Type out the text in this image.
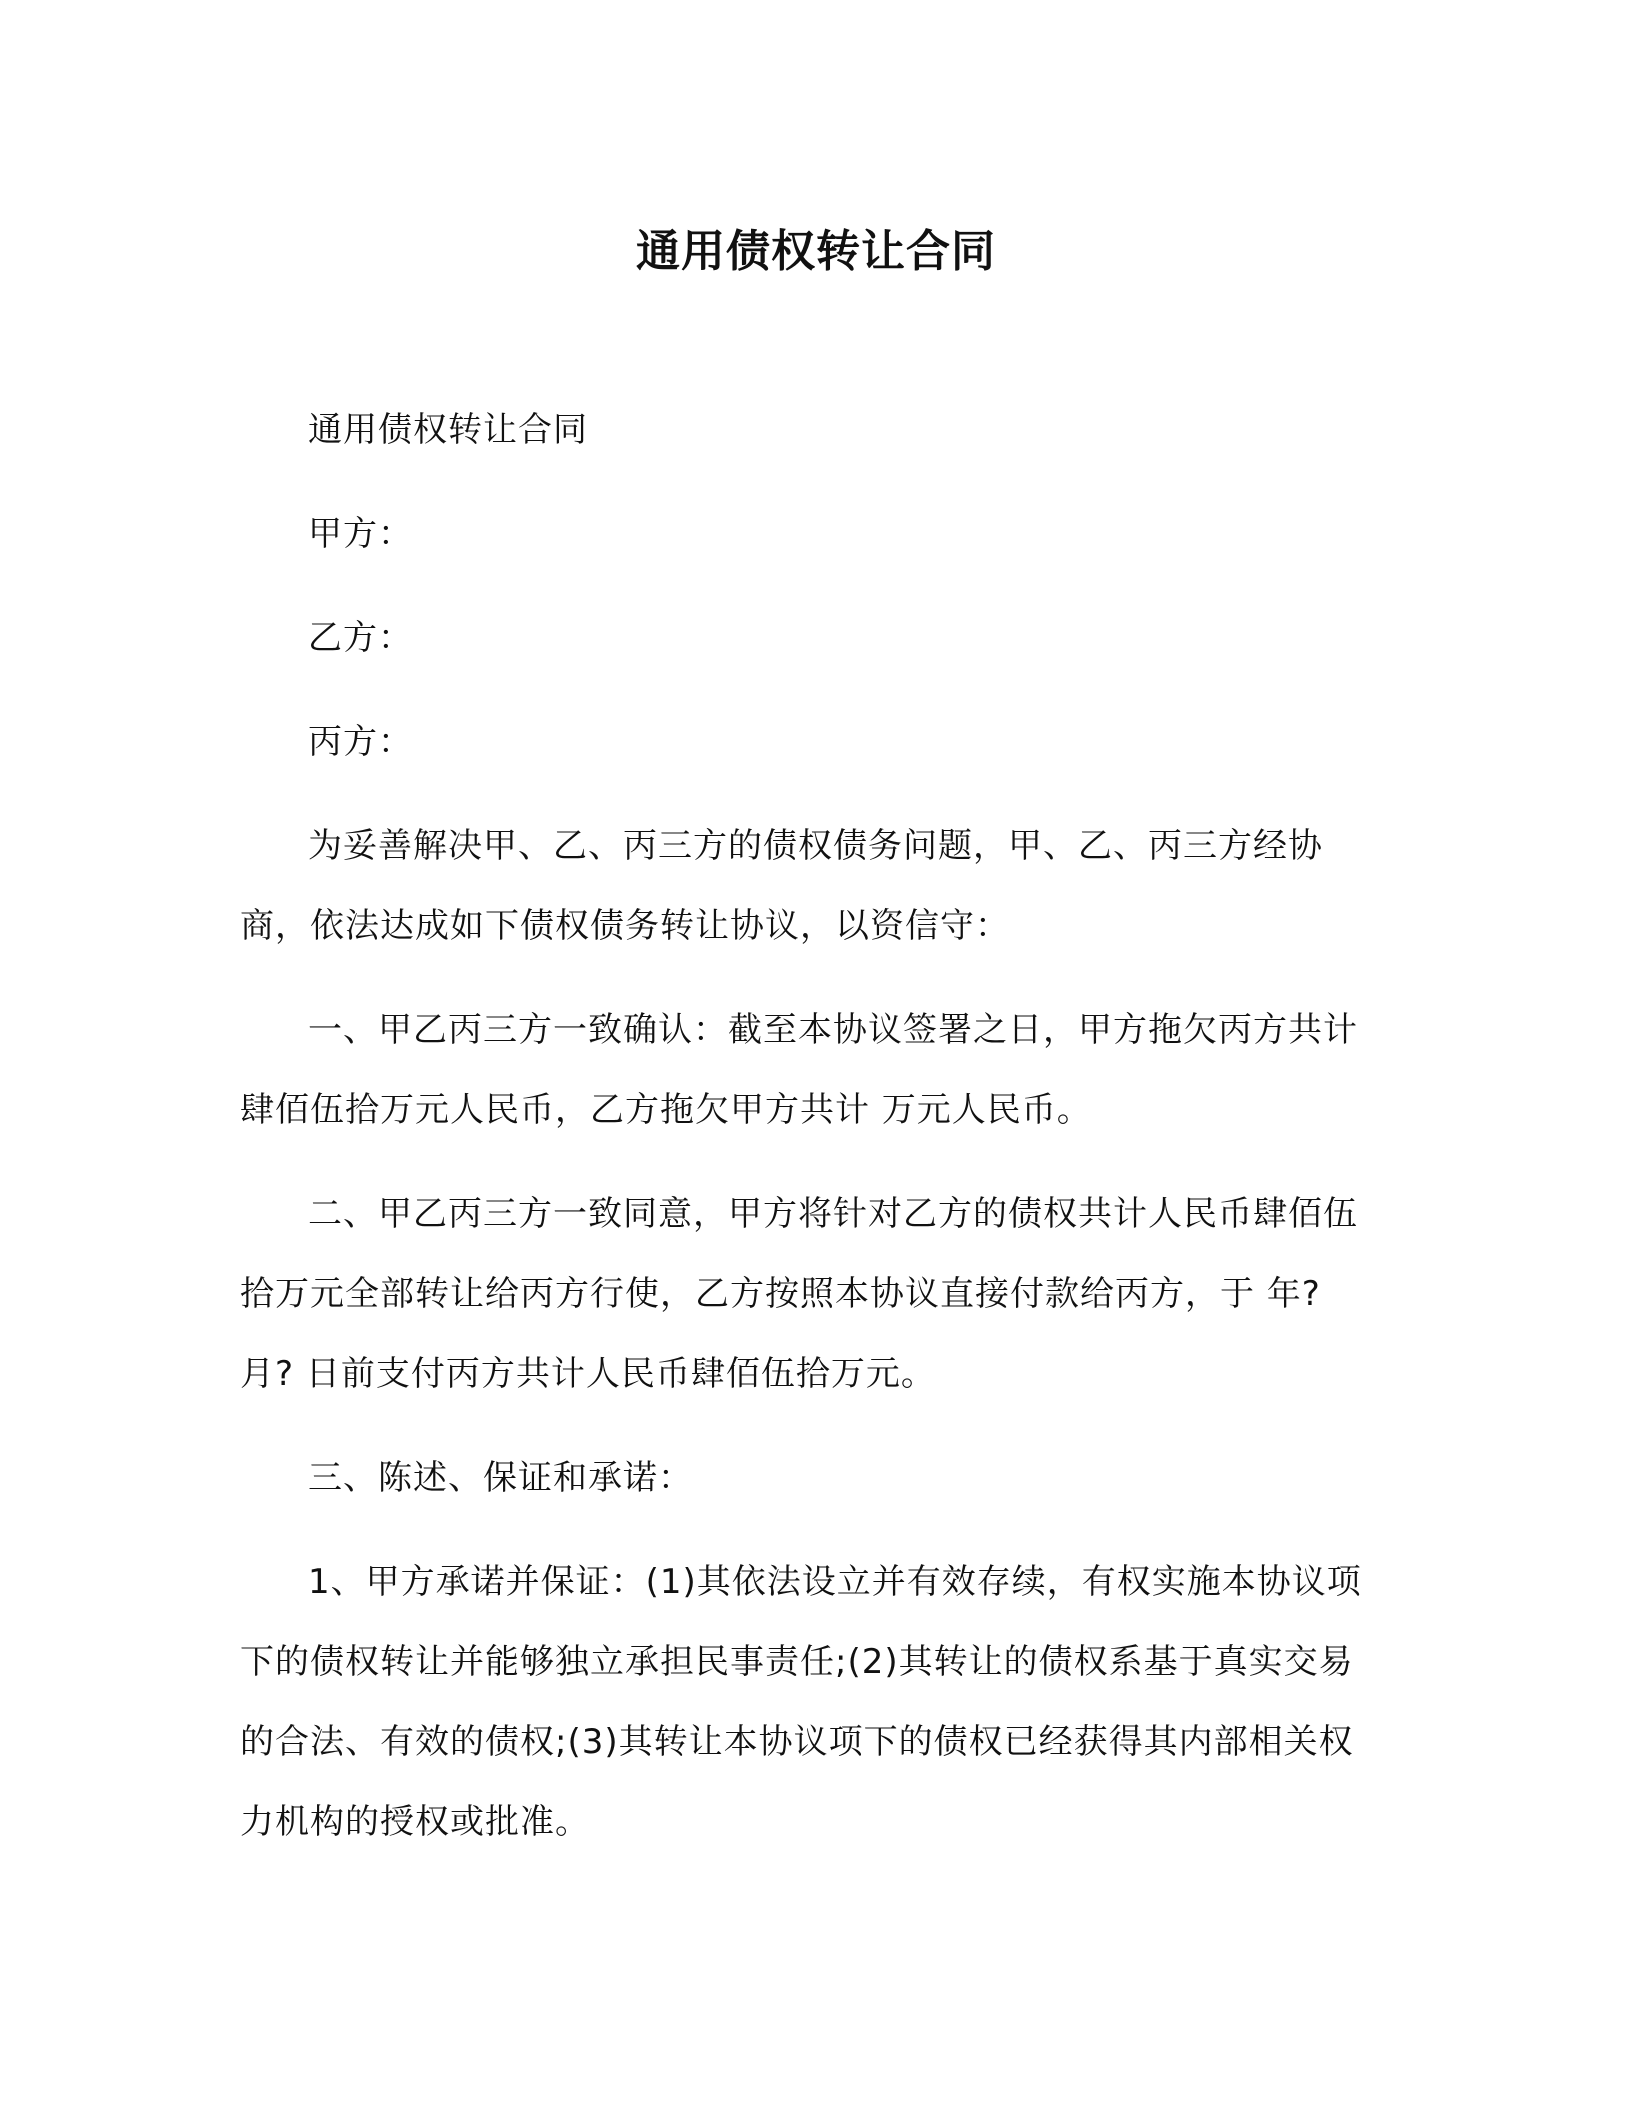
通用债权转让合同

通用债权转让合同

甲方：

乙方：

丙方：

为妥善解决甲、乙、丙三方的债权债务问题，甲、乙、丙三方经协商，依法达成如下债权债务转让协议，以资信守：

一、甲乙丙三方一致确认：截至本协议签署之日，甲方拖欠丙方共计肆佰伍拾万元人民币，乙方拖欠甲方共计 万元人民币。

二、甲乙丙三方一致同意，甲方将针对乙方的债权共计人民币肆佰伍拾万元全部转让给丙方行使，乙方按照本协议直接付款给丙方，于 年? 月? 日前支付丙方共计人民币肆佰伍拾万元。

三、陈述、保证和承诺：

1、甲方承诺并保证：(1)其依法设立并有效存续，有权实施本协议项下的债权转让并能够独立承担民事责任;(2)其转让的债权系基于真实交易的合法、有效的债权;(3)其转让本协议项下的债权已经获得其内部相关权力机构的授权或批准。
